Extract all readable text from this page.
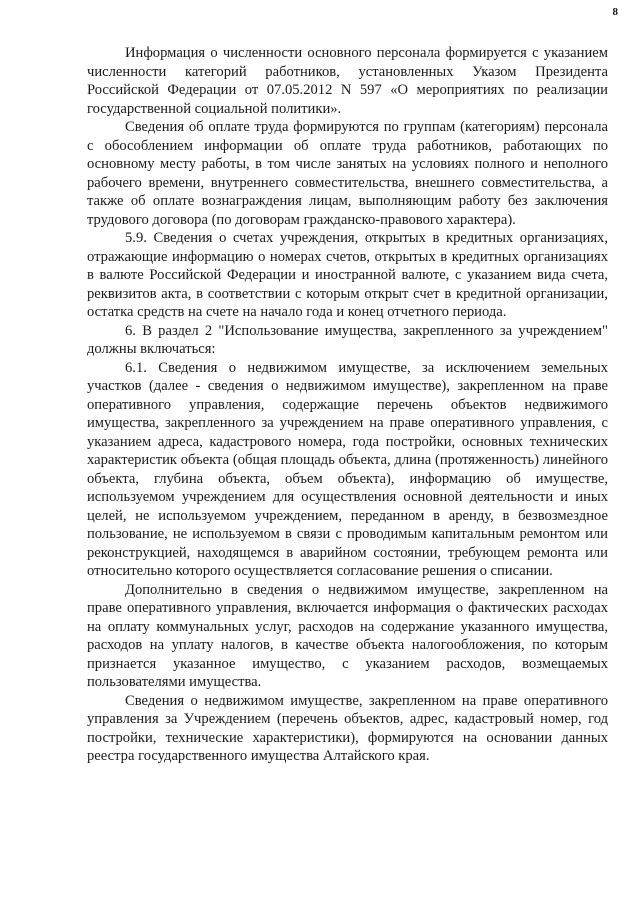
8

Информация о численности основного персонала формируется с указанием численности категорий работников, установленных Указом Президента Российской Федерации от 07.05.2012 N 597 «О мероприятиях по реализации государственной социальной политики».

Сведения об оплате труда формируются по группам (категориям) персонала с обособлением информации об оплате труда работников, работающих по основному месту работы, в том числе занятых на условиях полного и неполного рабочего времени, внутреннего совместительства, внешнего совместительства, а также об оплате вознаграждения лицам, выполняющим работу без заключения трудового договора (по договорам гражданско-правового характера).

5.9. Сведения о счетах учреждения, открытых в кредитных организациях, отражающие информацию о номерах счетов, открытых в кредитных организациях в валюте Российской Федерации и иностранной валюте, с указанием вида счета, реквизитов акта, в соответствии с которым открыт счет в кредитной организации, остатка средств на счете на начало года и конец отчетного периода.

6. В раздел 2 "Использование имущества, закрепленного за учреждением" должны включаться:

6.1. Сведения о недвижимом имуществе, за исключением земельных участков (далее - сведения о недвижимом имуществе), закрепленном на праве оперативного управления, содержащие перечень объектов недвижимого имущества, закрепленного за учреждением на праве оперативного управления, с указанием адреса, кадастрового номера, года постройки, основных технических характеристик объекта (общая площадь объекта, длина (протяженность) линейного объекта, глубина объекта, объем объекта), информацию об имуществе, используемом учреждением для осуществления основной деятельности и иных целей, не используемом учреждением, переданном в аренду, в безвозмездное пользование, не используемом в связи с проводимым капитальным ремонтом или реконструкцией, находящемся в аварийном состоянии, требующем ремонта или относительно которого осуществляется согласование решения о списании.

Дополнительно в сведения о недвижимом имуществе, закрепленном на праве оперативного управления, включается информация о фактических расходах на оплату коммунальных услуг, расходов на содержание указанного имущества, расходов на уплату налогов, в качестве объекта налогообложения, по которым признается указанное имущество, с указанием расходов, возмещаемых пользователями имущества.

Сведения о недвижимом имуществе, закрепленном на праве оперативного управления за Учреждением (перечень объектов, адрес, кадастровый номер, год постройки, технические характеристики), формируются на основании данных реестра государственного имущества Алтайского края.
